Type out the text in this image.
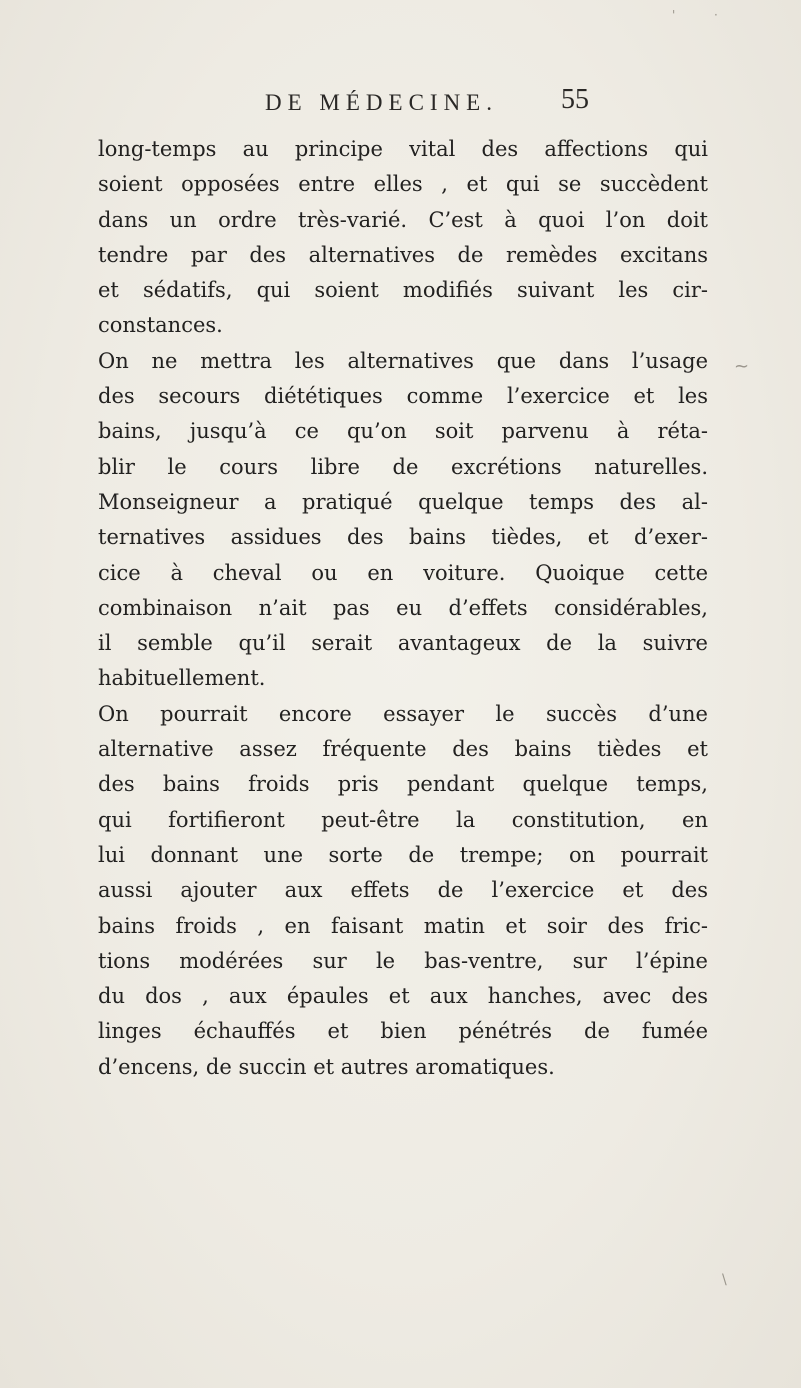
DE MÉDECINE. 55
long-temps au principe vital des affections qui
soient opposées entre elles , et qui se succèdent
dans un ordre très-varié. C’est à quoi l’on doit
tendre par des alternatives de remèdes excitans
et sédatifs, qui soient modifiés suivant les cir-
constances.
On ne mettra les alternatives que dans l’usage
des secours diététiques comme l’exercice et les
bains, jusqu’à ce qu’on soit parvenu à réta-
blir le cours libre de excrétions naturelles.
Monseigneur a pratiqué quelque temps des al-
ternatives assidues des bains tièdes, et d’exer-
cice à cheval ou en voiture. Quoique cette
combinaison n’ait pas eu d’effets considérables,
il semble qu’il serait avantageux de la suivre
habituellement.
On pourrait encore essayer le succès d’une
alternative assez fréquente des bains tièdes et
des bains froids pris pendant quelque temps,
qui fortifieront peut-être la constitution, en
lui donnant une sorte de trempe; on pourrait
aussi ajouter aux effets de l’exercice et des
bains froids , en faisant matin et soir des fric-
tions modérées sur le bas-ventre, sur l’épine
du dos , aux épaules et aux hanches, avec des
linges échauffés et bien pénétrés de fumée
d’encens, de succin et autres aromatiques.
'	·
~
\
